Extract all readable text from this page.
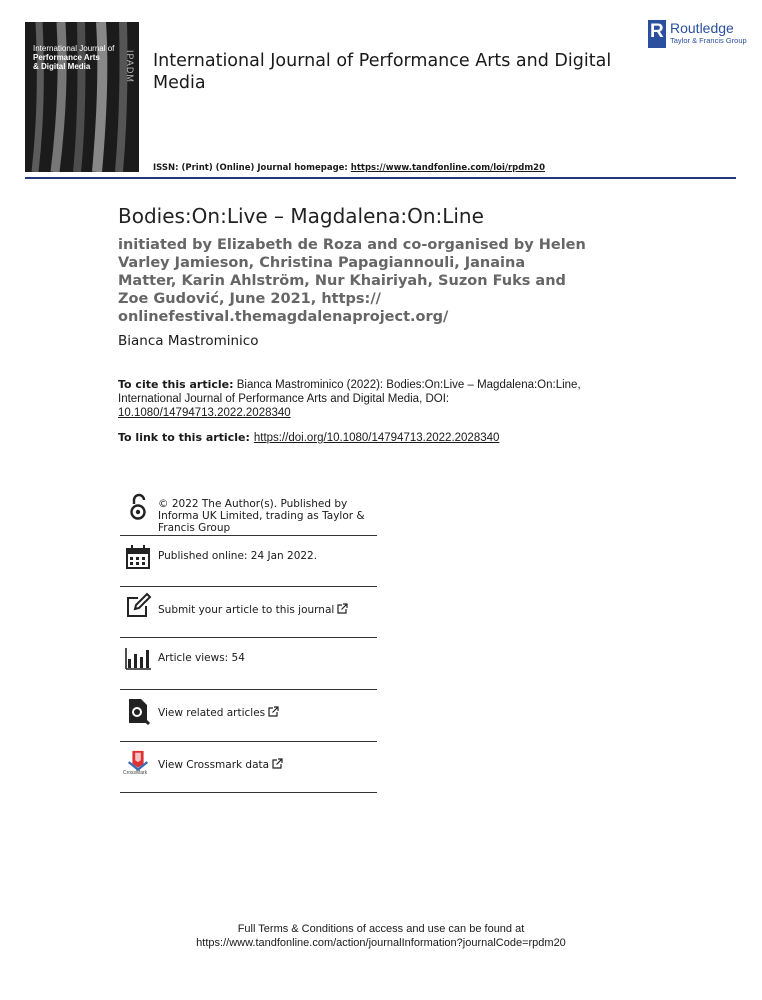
International Journal of
Performance Arts
& Digital Media	IPADM International Journal of Performance Arts and Digital Media
R Routledge
Taylor & Francis Group
ISSN: (Print) (Online) Journal homepage: https://www.tandfonline.com/loi/rpdm20
Bodies:On:Live – Magdalena:On:Line
initiated by Elizabeth de Roza and co-organised by Helen Varley Jamieson, Christina Papagiannouli, Janaina Matter, Karin Ahlström, Nur Khairiyah, Suzon Fuks and Zoe Gudović, June 2021, https:// onlinefestival.themagdalenaproject.org/
Bianca Mastrominico
To cite this article: Bianca Mastrominico (2022): Bodies:On:Live – Magdalena:On:Line, International Journal of Performance Arts and Digital Media, DOI: 10.1080/14794713.2022.2028340
To link to this article: https://doi.org/10.1080/14794713.2022.2028340
© 2022 The Author(s). Published by Informa UK Limited, trading as Taylor & Francis Group
Published online: 24 Jan 2022.
Submit your article to this journal
Article views: 54
View related articles
CrossMark
View Crossmark data
Full Terms & Conditions of access and use can be found at
https://www.tandfonline.com/action/journalInformation?journalCode=rpdm20
